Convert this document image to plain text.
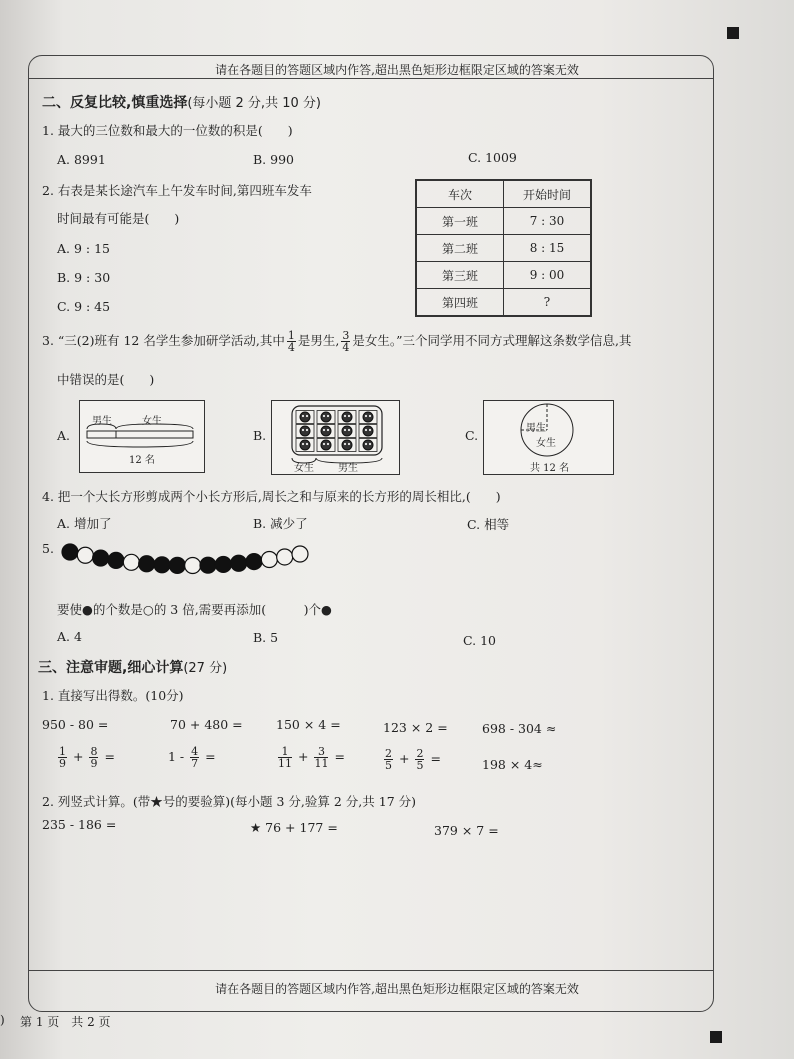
请在各题目的答题区域内作答,超出黑色矩形边框限定区域的答案无效
请在各题目的答题区域内作答,超出黑色矩形边框限定区域的答案无效
二、反复比较,慎重选择(每小题 2 分,共 10 分)
1. 最大的三位数和最大的一位数的积是(　　)
A. 8991	B. 990	C. 1009
2. 右表是某长途汽车上午发车时间,第四班车发车
时间最有可能是(　　)
A. 9 : 15
B. 9 : 30
C. 9 : 45
车次	开始时间
第一班	7 : 30
第二班	8 : 15
第三班	9 : 00
第四班	?
3. “三(2)班有 12 名学生参加研学活动,其中 $\frac{1}{4}$ 是男生, $\frac{3}{4}$ 是女生。”三个同学用不同方式理解这条数学信息,其
中错误的是(　　)
A.
男生	女生
12 名
B.
女生 男生
C.	男生
女生
共 12 名
4. 把一个大长方形剪成两个小长方形后,周长之和与原来的长方形的周长相比,(　　)
A. 增加了	B. 减少了	C. 相等
5.
要使●的个数是○的 3 倍,需要再添加(　　　)个●
A. 4	B. 5	C. 10
三、注意审题,细心计算(27 分)
1. 直接写出得数。(10分)
950 - 80 =	70 + 480 =	150 × 4 =	123 × 2 =	698 - 304 ≈
$\frac{1}{9} + \frac{8}{9}$ =	$1 - \frac{4}{7}$ =	$\frac{1}{11} + \frac{3}{11}$ =	$\frac{2}{5} + \frac{2}{5}$ =	198 × 4≈
2. 列竖式计算。(带★号的要验算)(每小题 3 分,验算 2 分,共 17 分)
235 - 186 =	★ 76 + 177 =	379 × 7 =
) 第 1 页　共 2 页
